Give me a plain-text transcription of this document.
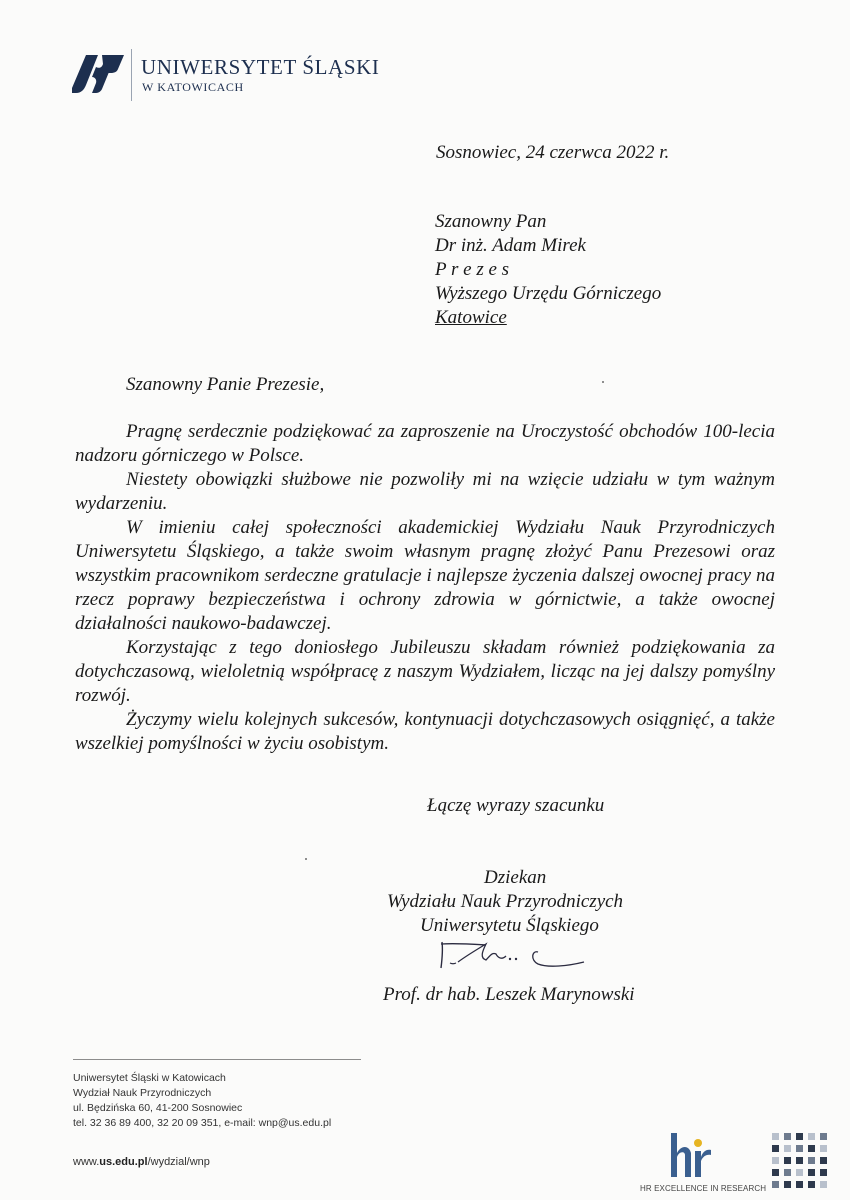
UNIWERSYTET ŚLĄSKI
W KATOWICACH
Sosnowiec, 24 czerwca 2022 r.
Szanowny Pan
Dr inż. Adam Mirek
P r e z e s
Wyższego Urzędu Górniczego
Katowice
Szanowny Panie Prezesie,

Pragnę serdecznie podziękować za zaproszenie na Uroczystość obchodów 100-lecia nadzoru górniczego w Polsce.

Niestety obowiązki służbowe nie pozwoliły mi na wzięcie udziału w tym ważnym wydarzeniu.

W imieniu całej społeczności akademickiej Wydziału Nauk Przyrodniczych Uniwersytetu Śląskiego, a także swoim własnym pragnę złożyć Panu Prezesowi oraz wszystkim pracownikom serdeczne gratulacje i najlepsze życzenia dalszej owocnej pracy na rzecz poprawy bezpieczeństwa i ochrony zdrowia w górnictwie, a także owocnej działalności naukowo-badawczej.

Korzystając z tego doniosłego Jubileuszu składam również podziękowania za dotychczasową, wieloletnią współpracę z naszym Wydziałem, licząc na jej dalszy pomyślny rozwój.

Życzymy wielu kolejnych sukcesów, kontynuacji dotychczasowych osiągnięć, a także wszelkiej pomyślności w życiu osobistym.

Łączę wyrazy szacunku
Dziekan
Wydziału Nauk Przyrodniczych
Uniwersytetu Śląskiego
Prof. dr hab. Leszek Marynowski
Uniwersytet Śląski w Katowicach
Wydział Nauk Przyrodniczych
ul. Będzińska 60, 41-200 Sosnowiec
tel. 32 36 89 400, 32 20 09 351, e-mail: wnp@us.edu.pl
www.us.edu.pl/wydzial/wnp
HR EXCELLENCE IN RESEARCH
